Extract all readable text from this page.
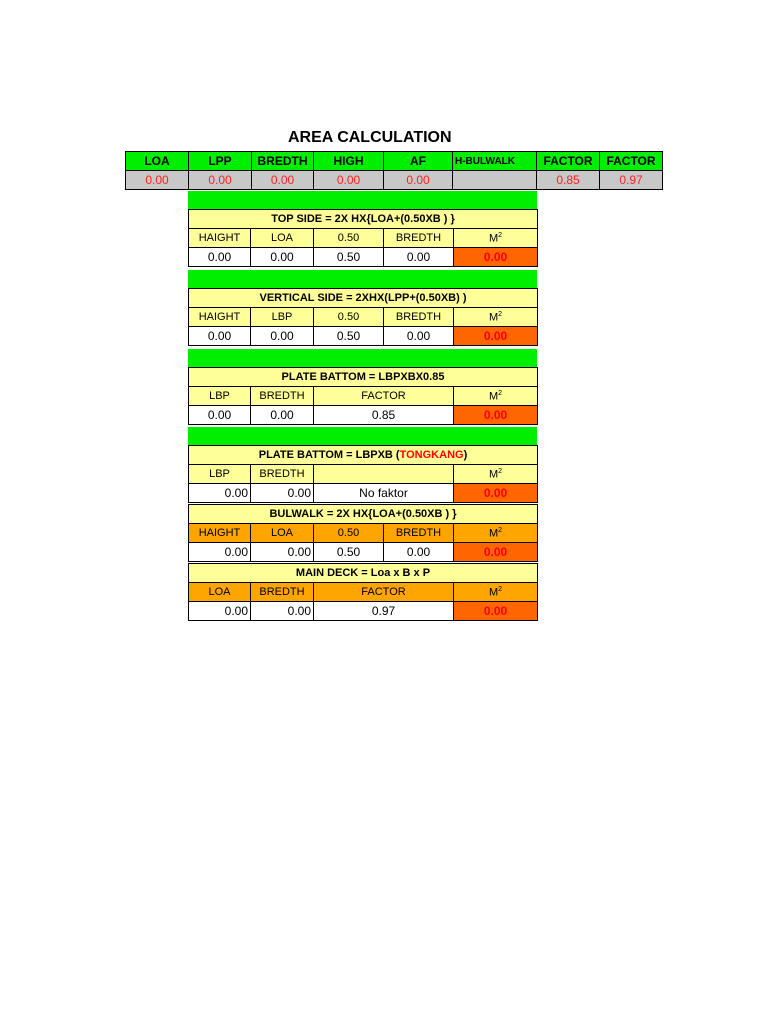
AREA CALCULATION
LOA	LPP	BREDTH	HIGH	AF	H-BULWALK	FACTOR	FACTOR
0.00	0.00	0.00	0.00	0.00		0.85	0.97
TOP SIDE = 2X HX{LOA+(0.50XB ) }				
HAIGHT	LOA	0.50	BREDTH	$M^2$
0.00	0.00	0.50	0.00	0.00
VERTICAL SIDE = 2XHX(LPP+(0.50XB) )				
HAIGHT	LBP	0.50	BREDTH	$M^2$
0.00	0.00	0.50	0.00	0.00
PLATE BATTOM = LBPXBX0.85			
LBP	BREDTH	FACTOR	$M^2$
0.00	0.00	0.85	0.00
PLATE BATTOM = LBPXB (TONGKANG)			
LBP	BREDTH		$M^2$
0.00	0.00	No faktor	0.00
BULWALK = 2X HX{LOA+(0.50XB ) }				
HAIGHT	LOA	0.50	BREDTH	$M^2$
0.00	0.00	0.50	0.00	0.00
MAIN DECK = Loa x B x P			
LOA	BREDTH	FACTOR	$M^2$
0.00	0.00	0.97	0.00
